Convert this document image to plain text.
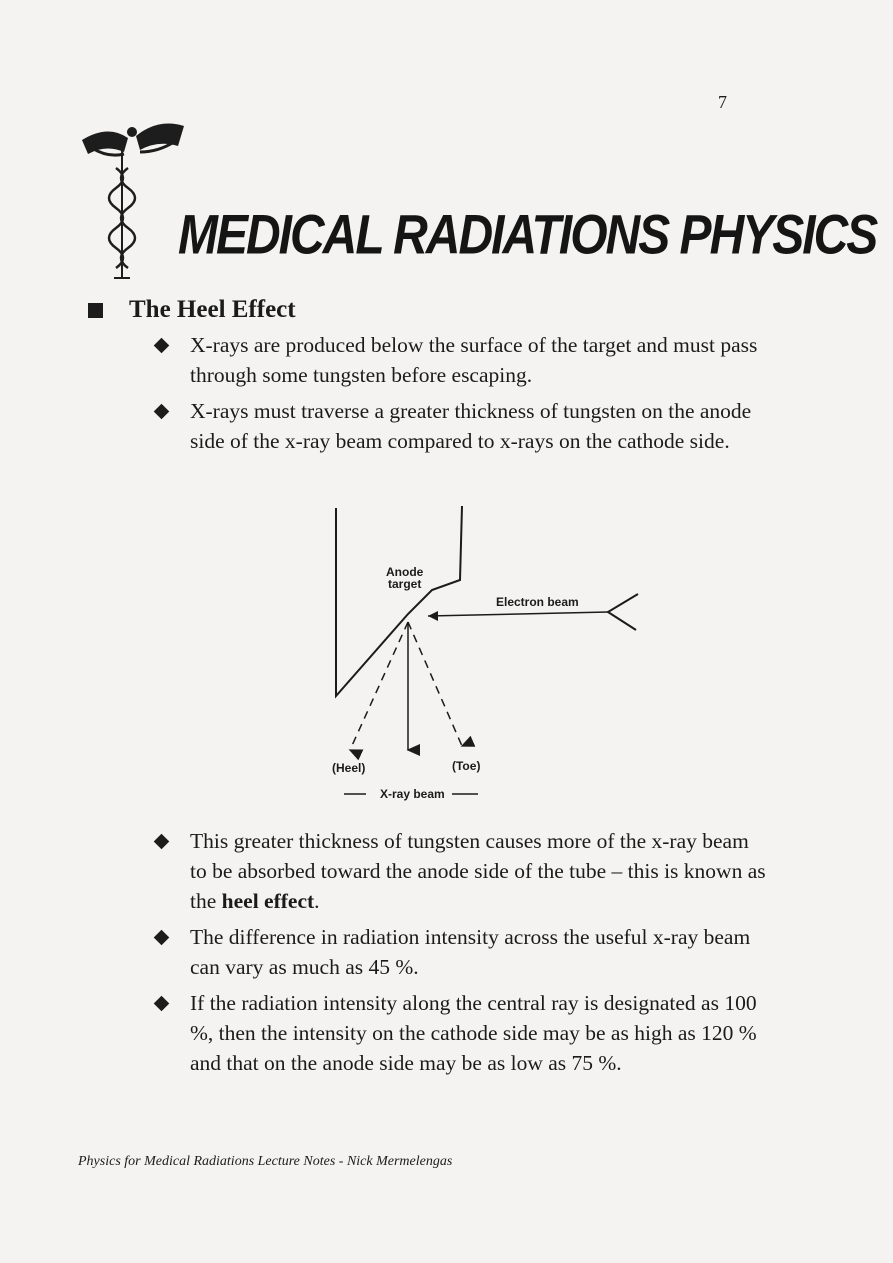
7
MEDICAL RADIATIONS PHYSICS
The Heel Effect
X-rays are produced below the surface of the target and must pass through some tungsten before escaping.
X-rays must traverse a greater thickness of tungsten on the anode side of the x-ray beam compared to x-rays on the cathode side.
Anode
target
Electron beam
(Heel)	(Toe)
X-ray beam
This greater thickness of tungsten causes more of the x-ray beam to be absorbed toward the anode side of the tube – this is known as the heel effect.
The difference in radiation intensity across the useful x-ray beam can vary as much as 45 %.
If the radiation intensity along the central ray is designated as 100 %, then the intensity on the cathode side may be as high as 120 % and that on the anode side may be as low as 75 %.
Physics for Medical Radiations Lecture Notes - Nick Mermelengas
